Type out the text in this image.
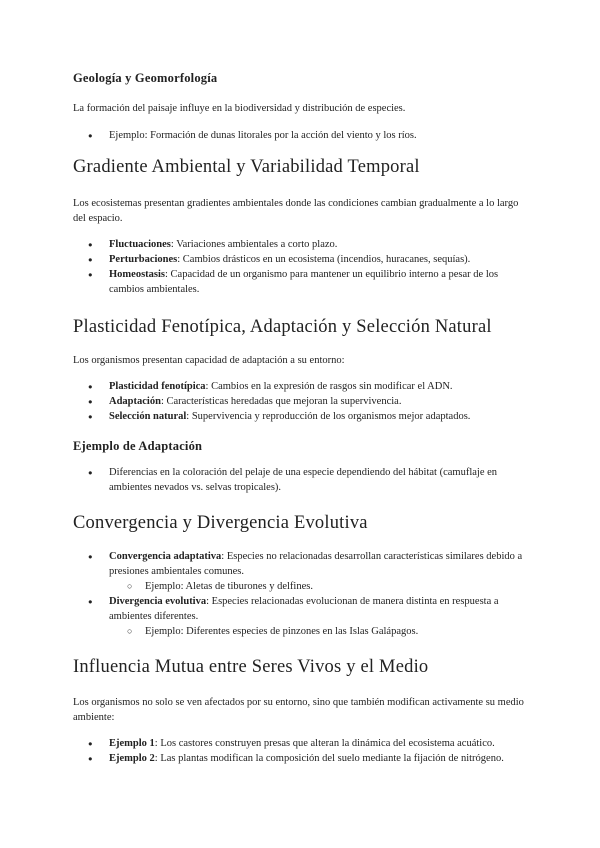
Geología y Geomorfología

La formación del paisaje influye en la biodiversidad y distribución de especies.

● Ejemplo: Formación de dunas litorales por la acción del viento y los ríos.
Gradiente Ambiental y Variabilidad Temporal

Los ecosistemas presentan gradientes ambientales donde las condiciones cambian gradualmente a lo largo del espacio.

● Fluctuaciones: Variaciones ambientales a corto plazo.
● Perturbaciones: Cambios drásticos en un ecosistema (incendios, huracanes, sequías).
● Homeostasis: Capacidad de un organismo para mantener un equilibrio interno a pesar de los cambios ambientales.
Plasticidad Fenotípica, Adaptación y Selección Natural

Los organismos presentan capacidad de adaptación a su entorno:

● Plasticidad fenotípica: Cambios en la expresión de rasgos sin modificar el ADN.
● Adaptación: Características heredadas que mejoran la supervivencia.
● Selección natural: Supervivencia y reproducción de los organismos mejor adaptados.
Ejemplo de Adaptación
● Diferencias en la coloración del pelaje de una especie dependiendo del hábitat (camuflaje en ambientes nevados vs. selvas tropicales).
Convergencia y Divergencia Evolutiva
● Convergencia adaptativa: Especies no relacionadas desarrollan características similares debido a presiones ambientales comunes.
○ Ejemplo: Aletas de tiburones y delfines.
● Divergencia evolutiva: Especies relacionadas evolucionan de manera distinta en respuesta a ambientes diferentes.
○ Ejemplo: Diferentes especies de pinzones en las Islas Galápagos.
Influencia Mutua entre Seres Vivos y el Medio

Los organismos no solo se ven afectados por su entorno, sino que también modifican activamente su medio ambiente:

● Ejemplo 1: Los castores construyen presas que alteran la dinámica del ecosistema acuático.
● Ejemplo 2: Las plantas modifican la composición del suelo mediante la fijación de nitrógeno.
